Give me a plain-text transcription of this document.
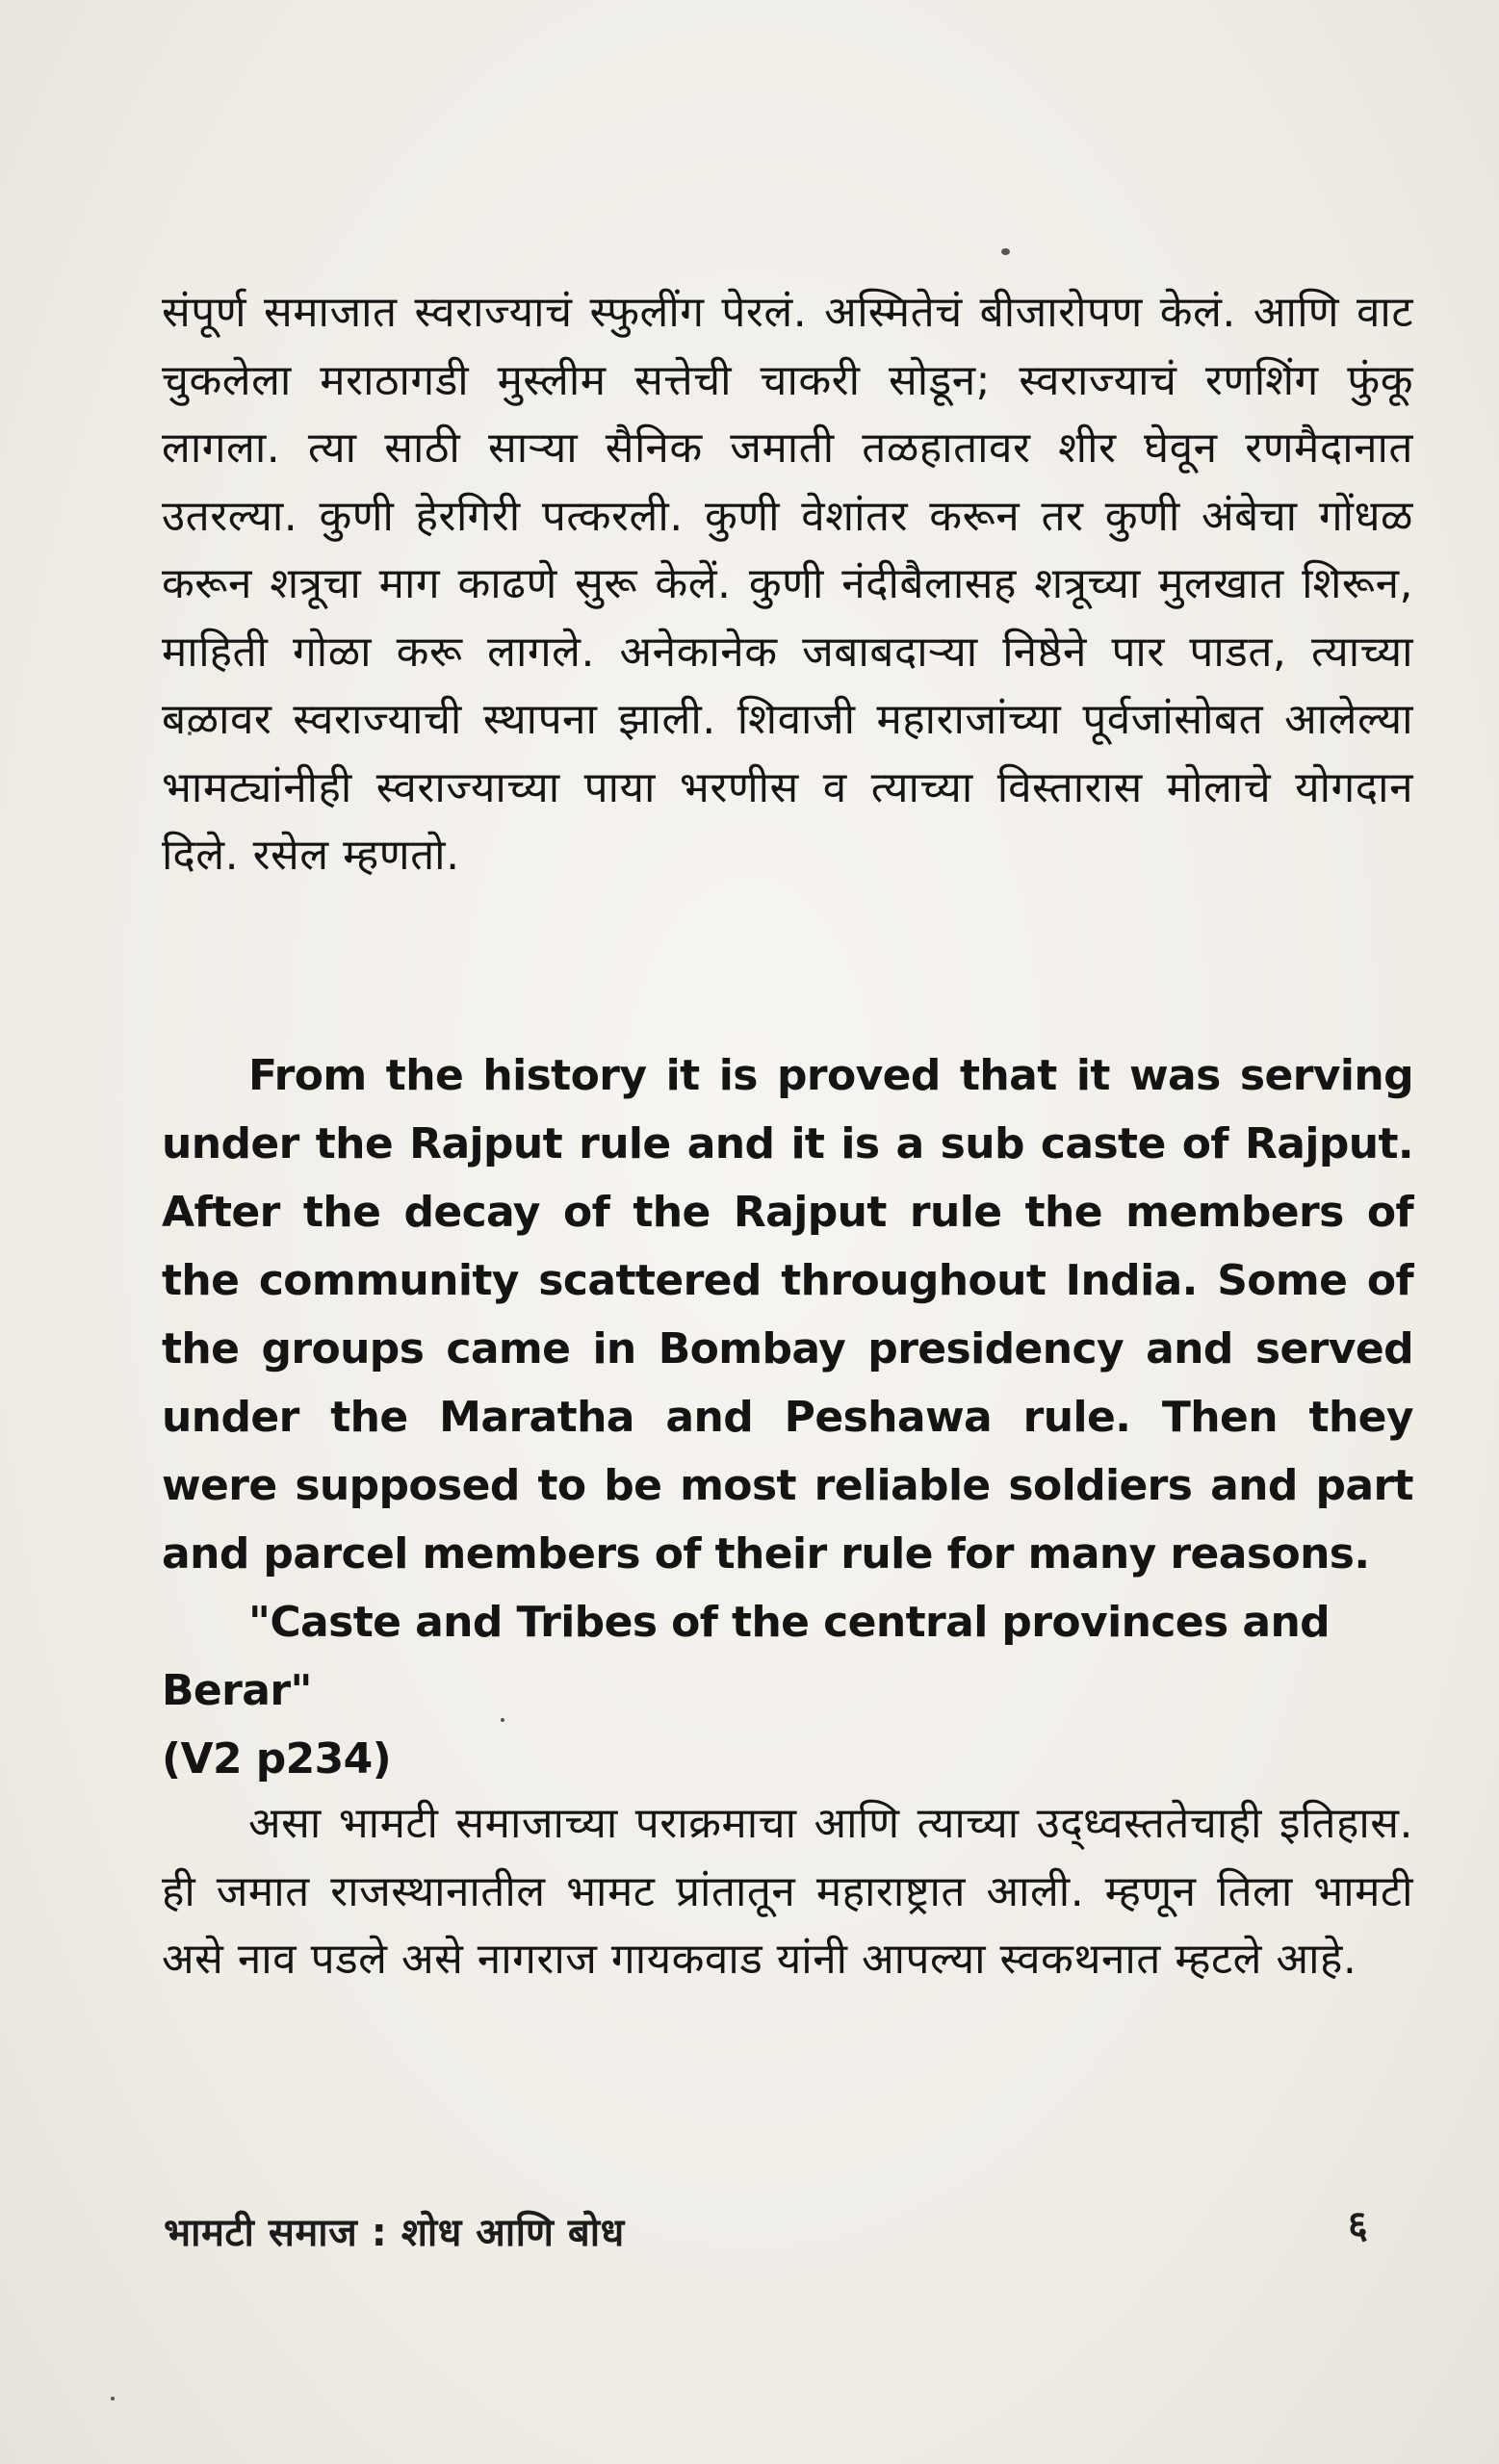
संपूर्ण समाजात स्वराज्याचं स्फुलींग पेरलं. अस्मितेचं बीजारोपण केलं. आणि वाट चुकलेला मराठागडी मुस्लीम सत्तेची चाकरी सोडून; स्वराज्याचं रणशिंग फुंकू लागला. त्या साठी साऱ्या सैनिक जमाती तळहातावर शीर घेवून रणमैदानात उतरल्या. कुणी हेरगिरी पत्करली. कुणी वेशांतर करून तर कुणी अंबेचा गोंधळ करून शत्रूचा माग काढणे सुरू केलें. कुणी नंदीबैलासह शत्रूच्या मुलखात शिरून, माहिती गोळा करू लागले. अनेकानेक जबाबदाऱ्या निष्ठेने पार पाडत, त्याच्या बळावर स्वराज्याची स्थापना झाली. शिवाजी महाराजांच्या पूर्वजांसोबत आलेल्या भामट्यांनीही स्वराज्याच्या पाया भरणीस व त्याच्या विस्तारास मोलाचे योगदान दिले. रसेल म्हणतो.

From the history it is proved that it was serving under the Rajput rule and it is a sub caste of Rajput. After the decay of the Rajput rule the members of the community scattered throughout India. Some of the groups came in Bombay presidency and served under the Maratha and Peshawa rule. Then they were supposed to be most reliable soldiers and part and parcel members of their rule for many reasons.

"Caste and Tribes of the central provinces and Berar"

(V2 p234)

असा भामटी समाजाच्या पराक्रमाचा आणि त्याच्या उद्ध्वस्ततेचाही इतिहास. ही जमात राजस्थानातील भामट प्रांतातून महाराष्ट्रात आली. म्हणून तिला भामटी असे नाव पडले असे नागराज गायकवाड यांनी आपल्या स्वकथनात म्हटले आहे.

भामटी समाज : शोध आणि बोध	६
